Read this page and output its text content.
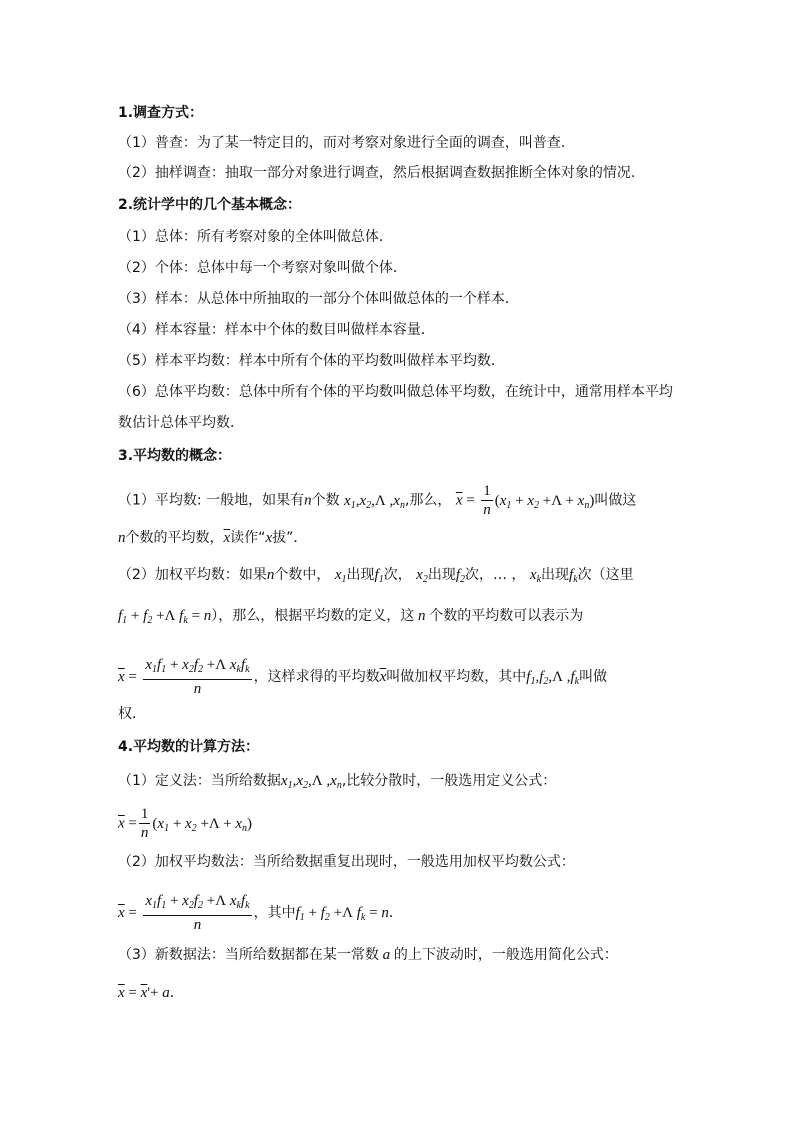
1.调查方式：
（1）普查：为了某一特定目的，而对考察对象进行全面的调查，叫普查.
（2）抽样调查：抽取一部分对象进行调查，然后根据调查数据推断全体对象的情况.
2.统计学中的几个基本概念：
（1）总体：所有考察对象的全体叫做总体．
（2）个体：总体中每一个考察对象叫做个体．
（3）样本：从总体中所抽取的一部分个体叫做总体的一个样本．
（4）样本容量：样本中个体的数目叫做样本容量．
（5）样本平均数：样本中所有个体的平均数叫做样本平均数．
（6）总体平均数：总体中所有个体的平均数叫做总体平均数，在统计中，通常用样本平均
数估计总体平均数．
3.平均数的概念：
（1）平均数: 一般地，如果有n个数 $x_1,x_2,\Lambda$ $,x_n$,那么， $\overline{x} = \frac{1}{n} (x_1 + x_2 +\Lambda + x_n)$叫做这
n个数的平均数，$\overline{x}$读作“x拔”．
（2）加权平均数：如果n个数中， $x_1$出现$f_1$次， $x_2$出现$f_2$次，… ， $x_k$出现$f_k$次（这里
$f_1 + f_2 +\Lambda$ $f_k = n$），那么，根据平均数的定义，这 n 个数的平均数可以表示为
$\overline{x} = \frac{x_1f_1 + x_2f_2 +\Lambda x_kf_k}{n}$ ，这样求得的平均数$\overline{x}$叫做加权平均数，其中$f_1,f_2,\Lambda$ $,f_k$叫做
权．
4.平均数的计算方法：
（1）定义法：当所给数据$x_1,x_2,\Lambda$ $,x_n$,比较分散时，一般选用定义公式：
$\overline{x} = \frac{1}{n} (x_1 + x_2 +\Lambda + x_n)$
（2）加权平均数法：当所给数据重复出现时，一般选用加权平均数公式：
$\overline{x} = \frac{x_1f_1 + x_2f_2 +\Lambda x_kf_k}{n}$ ，其中$f_1 + f_2 +\Lambda$ $f_k = n$．
（3）新数据法：当所给数据都在某一常数 a 的上下波动时，一般选用简化公式：
$\overline{x} = \overline{x}'+ a$．
